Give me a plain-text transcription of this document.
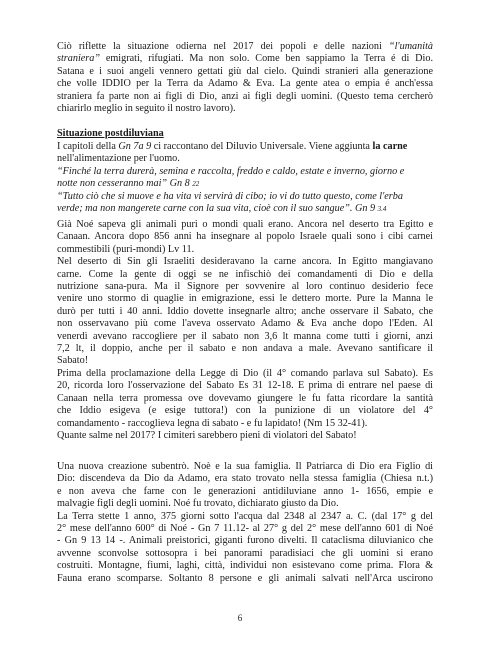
Ciò riflette la situazione odierna nel 2017 dei popoli e delle nazioni “l'umanità
straniera” emigrati, rifugiati. Ma non solo. Come ben sappiamo la Terra é di Dio.
Satana e i suoi angeli vennero gettati giù dal cielo. Quindi stranieri alla generazione
che volle IDDIO per la Terra da Adamo & Eva. La gente atea o empia é anch'essa
straniera fa parte non ai figli di Dio, anzi ai figli degli uomini. (Questo tema cercherò
chiarirlo meglio in seguito il nostro lavoro).
Situazione postdiluviana
I capitoli della Gn 7a 9 ci raccontano del Diluvio Universale. Viene aggiunta la carne
nell'alimentazione per l'uomo.
“Finché la terra durerà, semina e raccolta, freddo e caldo, estate e inverno, giorno e
notte non cesseranno mai” Gn 8 22
“Tutto ciò che si muove e ha vita vi servirà di cibo; io vi do tutto questo, come l'erba
verde; ma non mangerete carne con la sua vita, cioè con il suo sangue”. Gn 9 3.4
Già Noé sapeva gli animali puri o mondi quali erano. Ancora nel deserto tra Egitto e
Canaan. Ancora dopo 856 anni ha insegnare al popolo Israele quali sono i cibi carnei
commestibili (puri-mondi) Lv 11.
Nel deserto di Sin gli Israeliti desideravano la carne ancora. In Egitto mangiavano
carne. Come la gente di oggi se ne infischiò dei comandamenti di Dio e della
nutrizione sana-pura. Ma il Signore per sovvenire al loro continuo desiderio fece
venire uno stormo di quaglie in emigrazione, essi le dettero morte. Pure la Manna le
durò per tutti i 40 anni. Iddio dovette insegnarle altro; anche osservare il Sabato, che
non osservavano più come l'aveva osservato Adamo & Eva anche dopo l'Eden. Al
venerdì avevano raccogliere per il sabato non 3,6 lt manna come tutti i giorni, anzi
7,2 lt, il doppio, anche per il sabato e non andava a male. Avevano santificare il
Sabato!
Prima della proclamazione della Legge di Dio (il 4° comando parlava sul Sabato). Es
20, ricorda loro l'osservazione del Sabato Es 31 12-18. E prima di entrare nel paese di
Canaan nella terra promessa ove dovevamo giungere le fu fatta ricordare la santità
che Iddio esigeva (e esige tuttora!) con la punizione di un violatore del 4°
comandamento - raccoglieva legna di sabato - e fu lapidato! (Nm 15 32-41).
Quante salme nel 2017? I cimiteri sarebbero pieni di violatori del Sabato!
Una nuova creazione subentrò. Noè e la sua famiglia. Il Patriarca di Dio era Figlio di
Dio: discendeva da Dio da Adamo, era stato trovato nella stessa famiglia (Chiesa n.t.)
e non aveva che farne con le generazioni antidiluviane anno 1- 1656, empie e
malvagie figli degli uomini. Noé fu trovato, dichiarato giusto da Dio.
La Terra stette 1 anno, 375 giorni sotto l'acqua dal 2348 al 2347 a. C. (dal 17° g del
2° mese dell'anno 600° di Noé - Gn 7 11.12- al 27° g del 2° mese dell'anno 601 di Noé
- Gn 9 13 14 -. Animali preistorici, giganti furono divelti. Il cataclisma diluvianico che
avvenne sconvolse sottosopra i bei panorami paradisiaci che gli uomini si erano
costruiti. Montagne, fiumi, laghi, città, individui non esistevano come prima. Flora &
Fauna erano scomparse. Soltanto 8 persone e gli animali salvati nell'Arca uscirono
6
